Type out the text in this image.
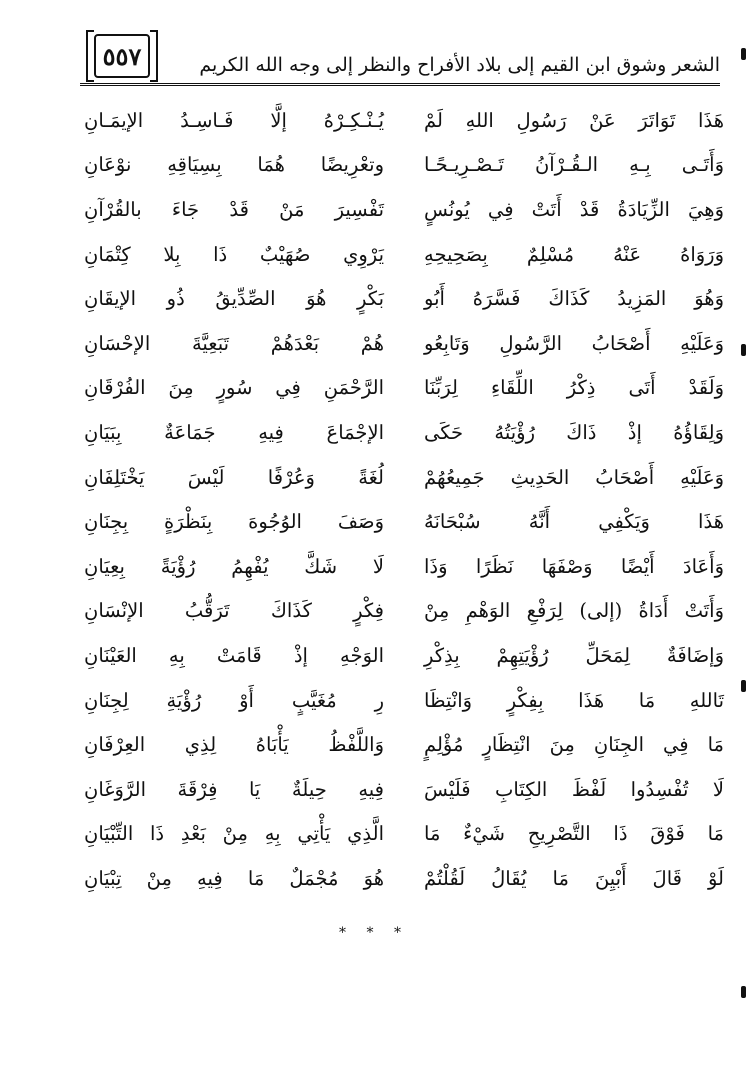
الشعر وشوق ابن القيم إلى بلاد الأفراح والنظر إلى وجه الله الكريم
٥٥٧
هَذَا تَوَاتَرَ عَنْ رَسُولِ اللهِ لَمْ
يُـنْـكِـرْهُ إلَّا فَـاسِـدُ الإيمَـانِ
وَأَتَـى بِـهِ الـقُـرْآنُ تَـصْـرِيـحًـا
وتعْرِيضًا هُمَا بِسِيَاقِهِ نوْعَانِ
وَهِيَ الزِّيَادَةُ قَدْ أَتَتْ فِي يُونُسٍ
تَفْسِيرَ مَنْ قَدْ جَاءَ بالقُرْآنِ
وَرَوَاهُ عَنْهُ مُسْلِمٌ بِصَحِيحِهِ
يَرْوِي صُهَيْبٌ ذَا بِلا كِتْمَانِ
وَهُوَ المَزِيدُ كَذَاكَ فَسَّرَهُ أَبُو
بَكْرٍ هُوَ الصِّدِّيقُ ذُو الإيقَانِ
وَعَلَيْهِ أَصْحَابُ الرَّسُولِ وَتَابِعُو
هُمْ بَعْدَهُمْ تَبَعِيَّةَ الإحْسَانِ
وَلَقَدْ أَتَى ذِكْرُ اللِّقَاءِ لِرَبِّنَا
الرَّحْمَنِ فِي سُورٍ مِنَ الفُرْقَانِ
وَلِقَاؤُهُ إذْ ذَاكَ رُؤْيَتُهُ حَكَى
الإجْمَاعَ فِيهِ جَمَاعَةٌ بِبَيَانِ
وَعَلَيْهِ أَصْحَابُ الحَدِيثِ جَمِيعُهُمْ
لُغَةً وَعُرْفًا لَيْسَ يَخْتَلِفَانِ
هَذَا وَيَكْفِي أَنَّهُ سُبْحَانَهُ
وَصَفَ الوُجُوهَ بِنَظْرَةٍ بِجِنَانِ
وَأَعَادَ أَيْضًا وَصْفَهَا نَظَرًا وَذَا
لَا شَكَّ يُفْهِمُ رُؤْيَةً بِعِيَانِ
وَأَتَتْ أَدَاةُ (إلى) لِرَفْعِ الوَهْمِ مِنْ
فِكْرٍ كَذَاكَ تَرَقُّبُ الإنْسَانِ
وَإضَافَةٌ لِمَحَلِّ رُؤْيَتِهِمْ بِذِكْرِ
الوَجْهِ إذْ قَامَتْ بِهِ العَيْنَانِ
تَاللهِ مَا هَذَا بِفِكْرٍ وَانْتِظَا
رِ مُغَيَّبٍ أَوْ رُؤْيَةِ لِجِنَانِ
مَا فِي الجِنَانِ مِنَ انْتِظَارٍ مُؤْلِمٍ
وَاللَّفْظُ يَأْبَاهُ لِذِي العِرْفَانِ
لَا تُفْسِدُوا لَفْظَ الكِتَابِ فَلَيْسَ
فِيهِ حِيلَةٌ يَا فِرْقَةَ الرَّوَغَانِ
مَا فَوْقَ ذَا التَّصْرِيحِ شَيْءٌ مَا
الَّذِي يَأْتِي بِهِ مِنْ بَعْدِ ذَا التِّبْيَانِ
لَوْ قَالَ أَبْيِنَ مَا يُقَالُ لَقُلْتُمْ
هُوَ مُجْمَلٌ مَا فِيهِ مِنْ تِبْيَانِ
* * *
